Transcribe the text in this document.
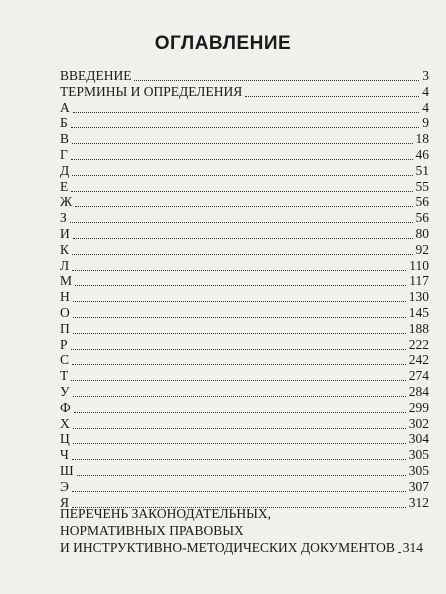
ОГЛАВЛЕНИЕ
ВВЕДЕНИЕ	3
ТЕРМИНЫ И ОПРЕДЕЛЕНИЯ	4
А	4
Б	9
В	18
Г	46
Д	51
Е	55
Ж	56
З	56
И	80
К	92
Л	110
М	117
Н	130
О	145
П	188
Р	222
С	242
Т	274
У	284
Ф	299
Х	302
Ц	304
Ч	305
Ш	305
Э	307
Я	312
ПЕРЕЧЕНЬ ЗАКОНОДАТЕЛЬНЫХ,
НОРМАТИВНЫХ ПРАВОВЫХ
И ИНСТРУКТИВНО-МЕТОДИЧЕСКИХ ДОКУМЕНТОВ 314
